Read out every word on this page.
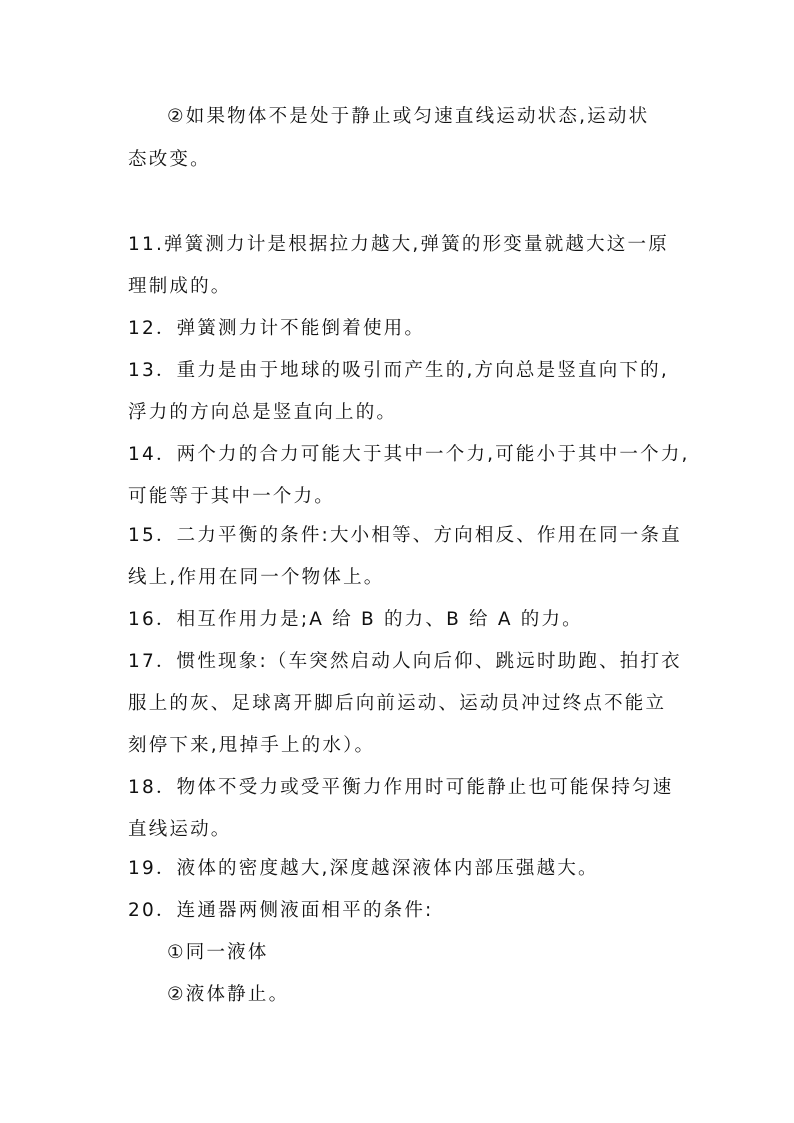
②如果物体不是处于静止或匀速直线运动状态,运动状
态改变。
11.弹簧测力计是根据拉力越大,弹簧的形变量就越大这一原
理制成的。
12．弹簧测力计不能倒着使用。
13．重力是由于地球的吸引而产生的,方向总是竖直向下的,
浮力的方向总是竖直向上的。
14．两个力的合力可能大于其中一个力,可能小于其中一个力,
可能等于其中一个力。
15．二力平衡的条件:大小相等、方向相反、作用在同一条直
线上,作用在同一个物体上。
16．相互作用力是;A 给 B 的力、B 给 A 的力。
17．惯性现象:（车突然启动人向后仰、跳远时助跑、拍打衣
服上的灰、足球离开脚后向前运动、运动员冲过终点不能立
刻停下来,甩掉手上的水）。
18．物体不受力或受平衡力作用时可能静止也可能保持匀速
直线运动。
19．液体的密度越大,深度越深液体内部压强越大。
20．连通器两侧液面相平的条件:
①同一液体
②液体静止。
